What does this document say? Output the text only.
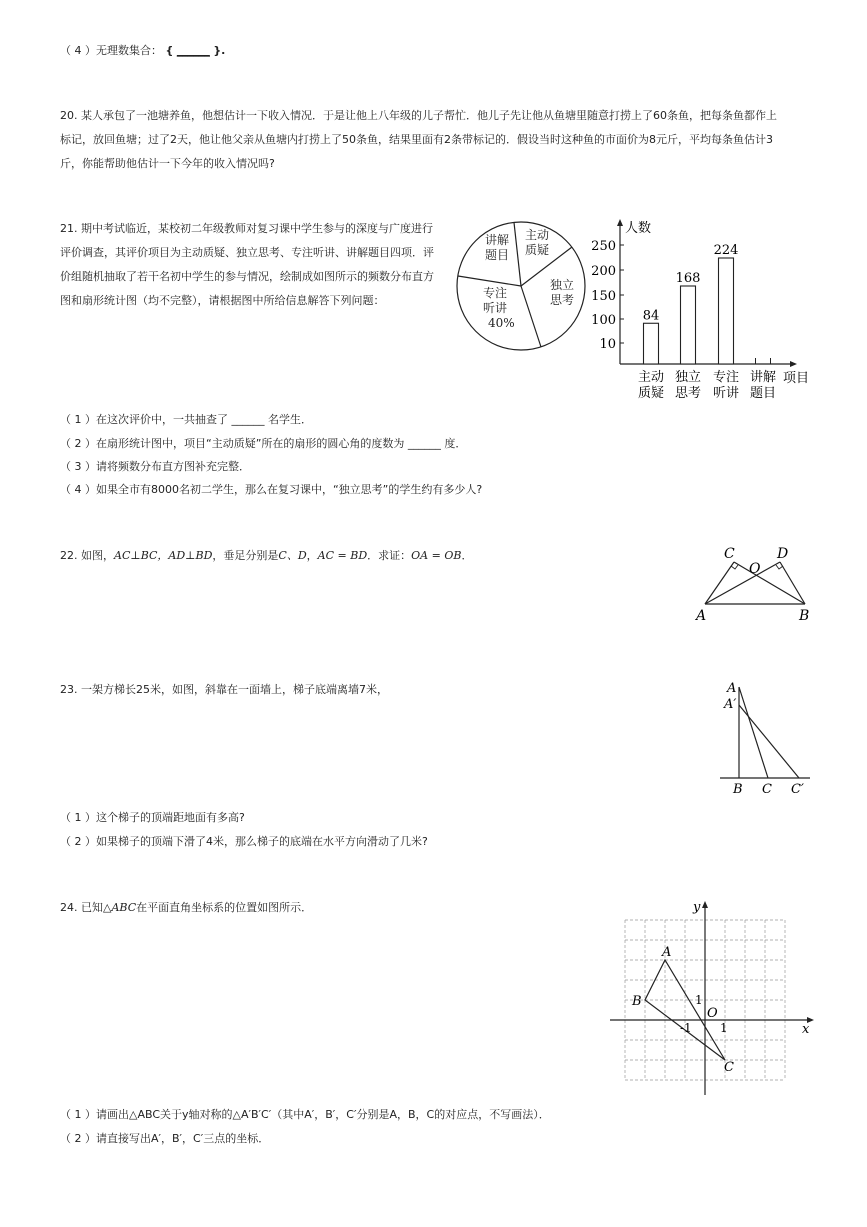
（ 4 ）无理数集合： { ______ }.
20. 某人承包了一池塘养鱼，他想估计一下收入情况．于是让他上八年级的儿子帮忙．他儿子先让他从鱼塘里随意打捞上了60条鱼，把每条鱼都作上
标记，放回鱼塘；过了2天，他让他父亲从鱼塘内打捞上了50条鱼，结果里面有2条带标记的．假设当时这种鱼的市面价为8元斤，平均每条鱼估计3
斤，你能帮助他估计一下今年的收入情况吗?
21. 期中考试临近，某校初二年级教师对复习课中学生参与的深度与广度进行
评价调查，其评价项目为主动质疑、独立思考、专注听讲、讲解题目四项．评
价组随机抽取了若干名初中学生的参与情况，绘制成如图所示的频数分布直方
图和扇形统计图（均不完整），请根据图中所给信息解答下列问题：
讲解
题目
主动
质疑
独立
思考
专注
听讲
40%
人数
项目
10
100
150
200
250
84
主动
质疑
168
独立
思考
224
专注
听讲
讲解
题目
（ 1 ）在这次评价中，一共抽查了 ______ 名学生．
（ 2 ）在扇形统计图中，项目“主动质疑”所在的扇形的圆心角的度数为 ______ 度．
（ 3 ）请将频数分布直方图补充完整．
（ 4 ）如果全市有8000名初二学生，那么在复习课中，“独立思考”的学生约有多少人?
22. 如图，AC⊥BC，AD⊥BD，垂足分别是C、D，AC = BD．求证：OA = OB．	C
O
D
A	B
23. 一架方梯长25米，如图，斜靠在一面墙上，梯子底端离墙7米，	A
A′
B C C′
（ 1 ）这个梯子的顶端距地面有多高?
（ 2 ）如果梯子的顶端下滑了4米，那么梯子的底端在水平方向滑动了几米?
24. 已知△ABC在平面直角坐标系的位置如图所示．	y
x
A
B
C
O
1
-1 1
（ 1 ）请画出△ABC关于y轴对称的△A′B′C′（其中A′，B′，C′分别是A，B，C的对应点，不写画法）．
（ 2 ）请直接写出A′，B′，C′三点的坐标．
